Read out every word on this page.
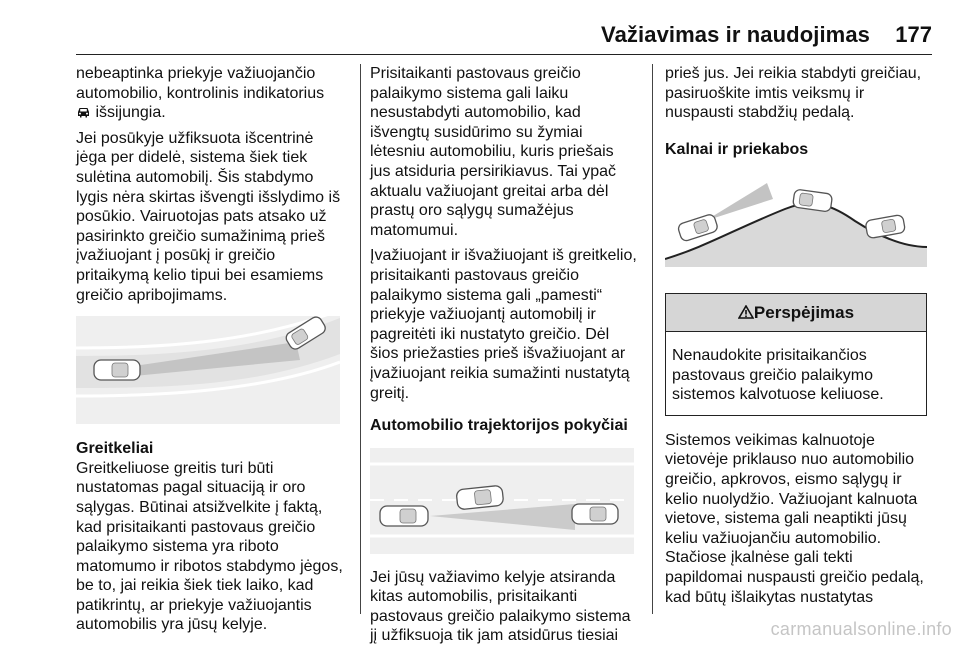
Važiavimas ir naudojimas	177

nebeaptinka priekyje važiuojančio
automobilio, kontrolinis indikatorius
išsijungia.

Jei posūkyje užfiksuota išcentrinė
jėga per didelė, sistema šiek tiek
sulėtina automobilį. Šis stabdymo
lygis nėra skirtas išvengti išslydimo iš
posūkio. Vairuotojas pats atsako už
pasirinkto greičio sumažinimą prieš
įvažiuojant į posūkį ir greičio
pritaikymą kelio tipui bei esamiems
greičio apribojimams.

Greitkeliai

Greitkeliuose greitis turi būti
nustatomas pagal situaciją ir oro
sąlygas. Būtinai atsižvelkite į faktą,
kad prisitaikanti pastovaus greičio
palaikymo sistema yra riboto
matomumo ir ribotos stabdymo jėgos,
be to, jai reikia šiek tiek laiko, kad
patikrintų, ar priekyje važiuojantis
automobilis yra jūsų kelyje.

Prisitaikanti pastovaus greičio
palaikymo sistema gali laiku
nesustabdyti automobilio, kad
išvengtų susidūrimo su žymiai
lėtesniu automobiliu, kuris priešais
jus atsiduria persirikiavus. Tai ypač
aktualu važiuojant greitai arba dėl
prastų oro sąlygų sumažėjus
matomumui.

Įvažiuojant ir išvažiuojant iš greitkelio,
prisitaikanti pastovaus greičio
palaikymo sistema gali „pamesti“
priekyje važiuojantį automobilį ir
pagreitėti iki nustatyto greičio. Dėl
šios priežasties prieš išvažiuojant ar
įvažiuojant reikia sumažinti nustatytą
greitį.

Automobilio trajektorijos pokyčiai

Jei jūsų važiavimo kelyje atsiranda
kitas automobilis, prisitaikanti
pastovaus greičio palaikymo sistema
jį užfiksuoja tik jam atsidūrus tiesiai

prieš jus. Jei reikia stabdyti greičiau,
pasiruoškite imtis veiksmų ir
nuspausti stabdžių pedalą.

Kalnai ir priekabos

Perspėjimas
Nenaudokite prisitaikančios
pastovaus greičio palaikymo
sistemos kalvotuose keliuose.

Sistemos veikimas kalnuotoje
vietovėje priklauso nuo automobilio
greičio, apkrovos, eismo sąlygų ir
kelio nuolydžio. Važiuojant kalnuota
vietove, sistema gali neaptikti jūsų
keliu važiuojančiu automobilio.
Stačiose įkalnėse gali tekti
papildomai nuspausti greičio pedalą,
kad būtų išlaikytas nustatytas

carmanualsonline.info
